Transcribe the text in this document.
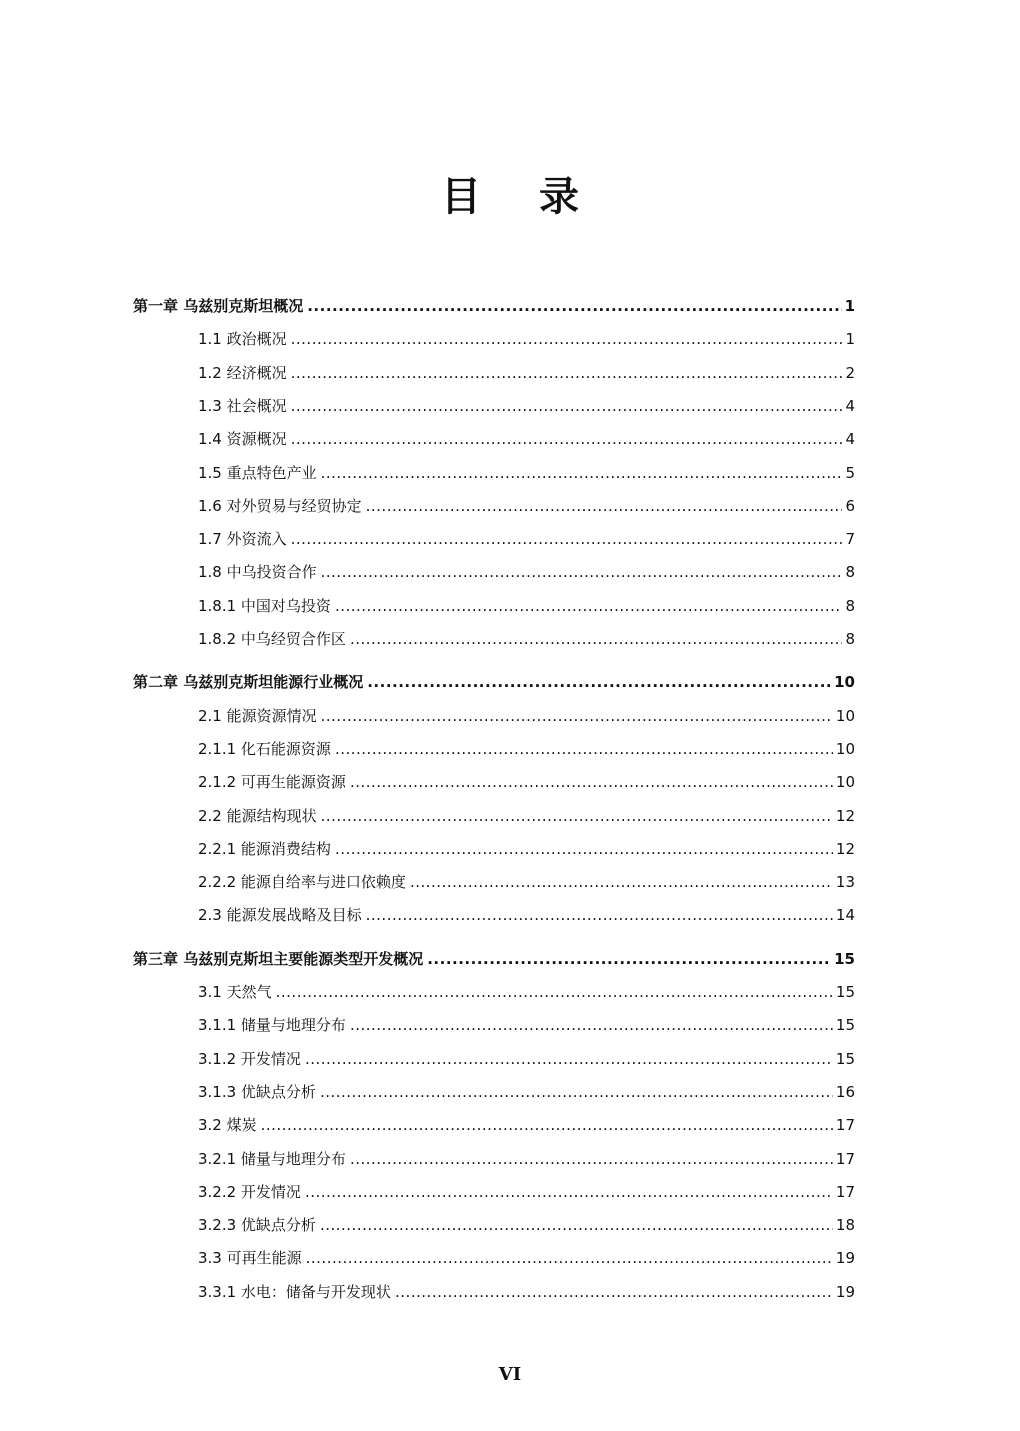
目 录
第一章 乌兹别克斯坦概况 .....	1
1.1 政治概况 .....	1
1.2 经济概况 .....	2
1.3 社会概况 .....	4
1.4 资源概况 .....	4
1.5 重点特色产业 .....	5
1.6 对外贸易与经贸协定 .....	6
1.7 外资流入 .....	7
1.8 中乌投资合作 .....	8
1.8.1 中国对乌投资 .....	8
1.8.2 中乌经贸合作区 .....	8
第二章 乌兹别克斯坦能源行业概况 .....	10
2.1 能源资源情况 .....	10
2.1.1 化石能源资源 .....	10
2.1.2 可再生能源资源 .....	10
2.2 能源结构现状 .....	12
2.2.1 能源消费结构 .....	12
2.2.2 能源自给率与进口依赖度 .....	13
2.3 能源发展战略及目标 .....	14
第三章 乌兹别克斯坦主要能源类型开发概况 .....	15
3.1 天然气 .....	15
3.1.1 储量与地理分布 .....	15
3.1.2 开发情况 .....	15
3.1.3 优缺点分析 .....	16
3.2 煤炭 .....	17
3.2.1 储量与地理分布 .....	17
3.2.2 开发情况 .....	17
3.2.3 优缺点分析 .....	18
3.3 可再生能源 .....	19
3.3.1 水电：储备与开发现状 .....	19
VI
